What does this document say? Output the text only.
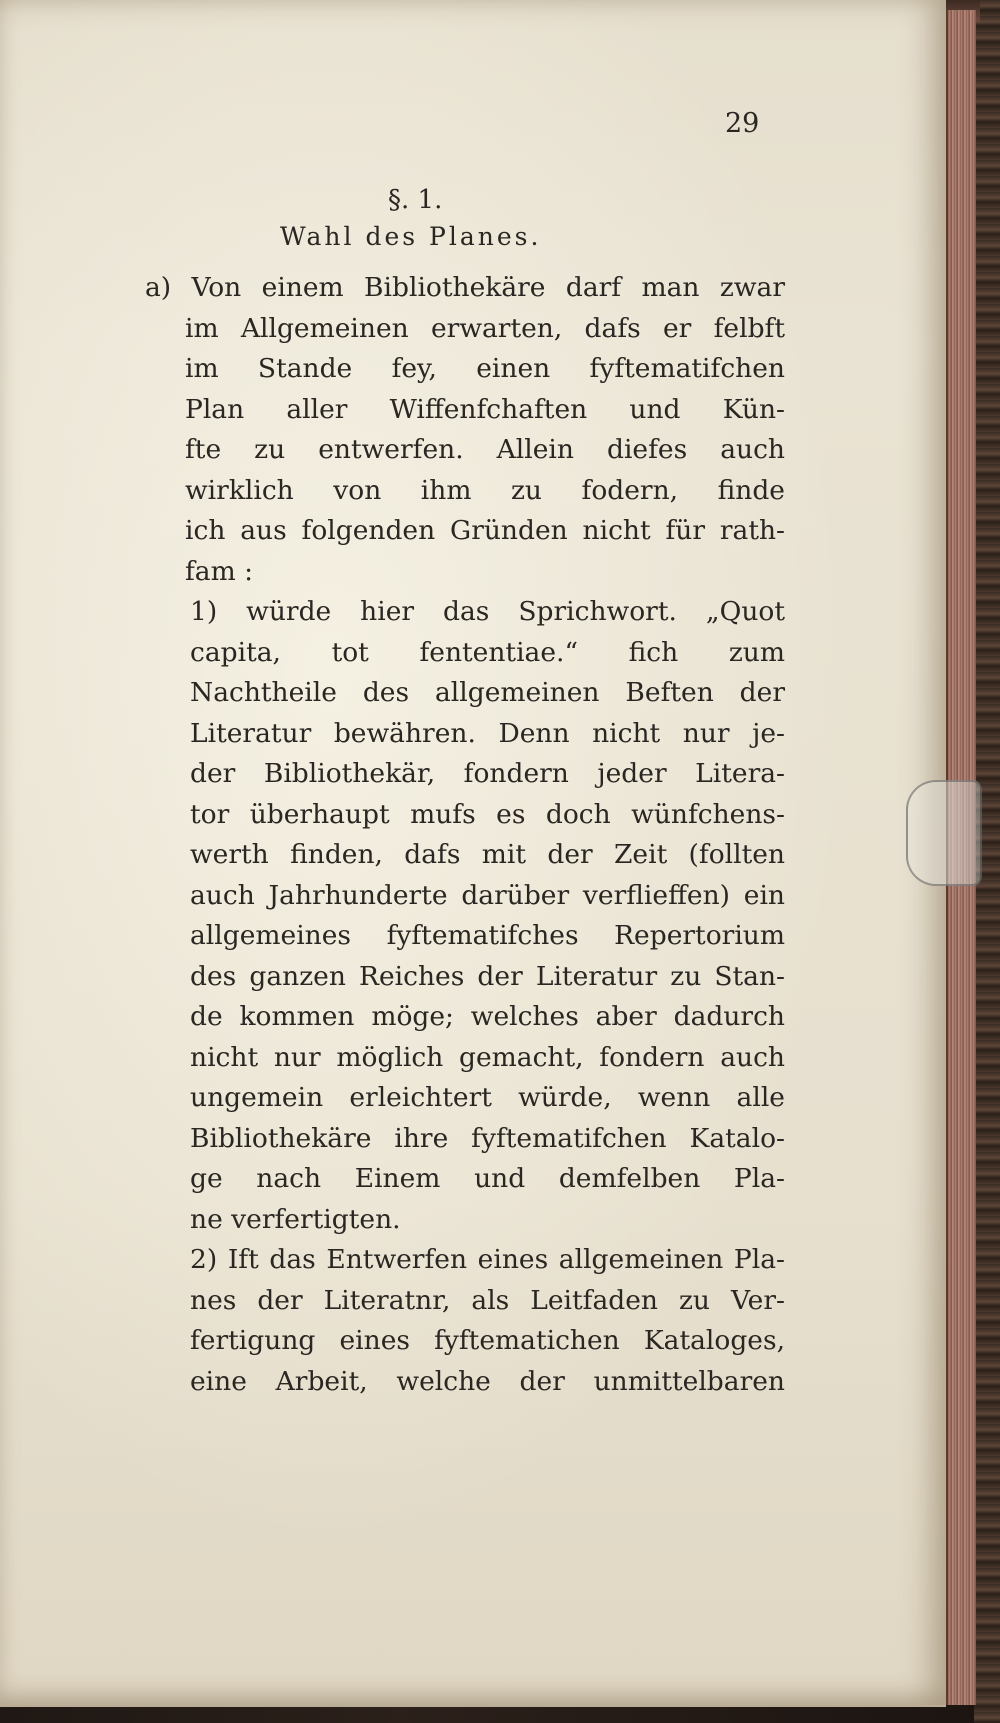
29
§. 1.
Wahl des Planes.
a) Von einem Bibliothekäre darf man zwar
im Allgemeinen erwarten, dafs er felbft
im Stande fey, einen fyftematifchen
Plan aller Wiffenfchaften und Kün-
fte zu entwerfen. Allein diefes auch
wirklich von ihm zu fodern, finde
ich aus folgenden Gründen nicht für rath-
fam :
1) würde hier das Sprichwort. „Quot
capita, tot fententiae.“ fich zum
Nachtheile des allgemeinen Beften der
Literatur bewähren. Denn nicht nur je-
der Bibliothekär, fondern jeder Litera-
tor überhaupt mufs es doch wünfchens-
werth finden, dafs mit der Zeit (follten
auch Jahrhunderte darüber verflieffen) ein
allgemeines fyftematifches Repertorium
des ganzen Reiches der Literatur zu Stan-
de kommen möge; welches aber dadurch
nicht nur möglich gemacht, fondern auch
ungemein erleichtert würde, wenn alle
Bibliothekäre ihre fyftematifchen Katalo-
ge nach Einem und demfelben Pla-
ne verfertigten.
2) Ift das Entwerfen eines allgemeinen Pla-
nes der Literatnr, als Leitfaden zu Ver-
fertigung eines fyftematichen Kataloges,
eine Arbeit, welche der unmittelbaren
